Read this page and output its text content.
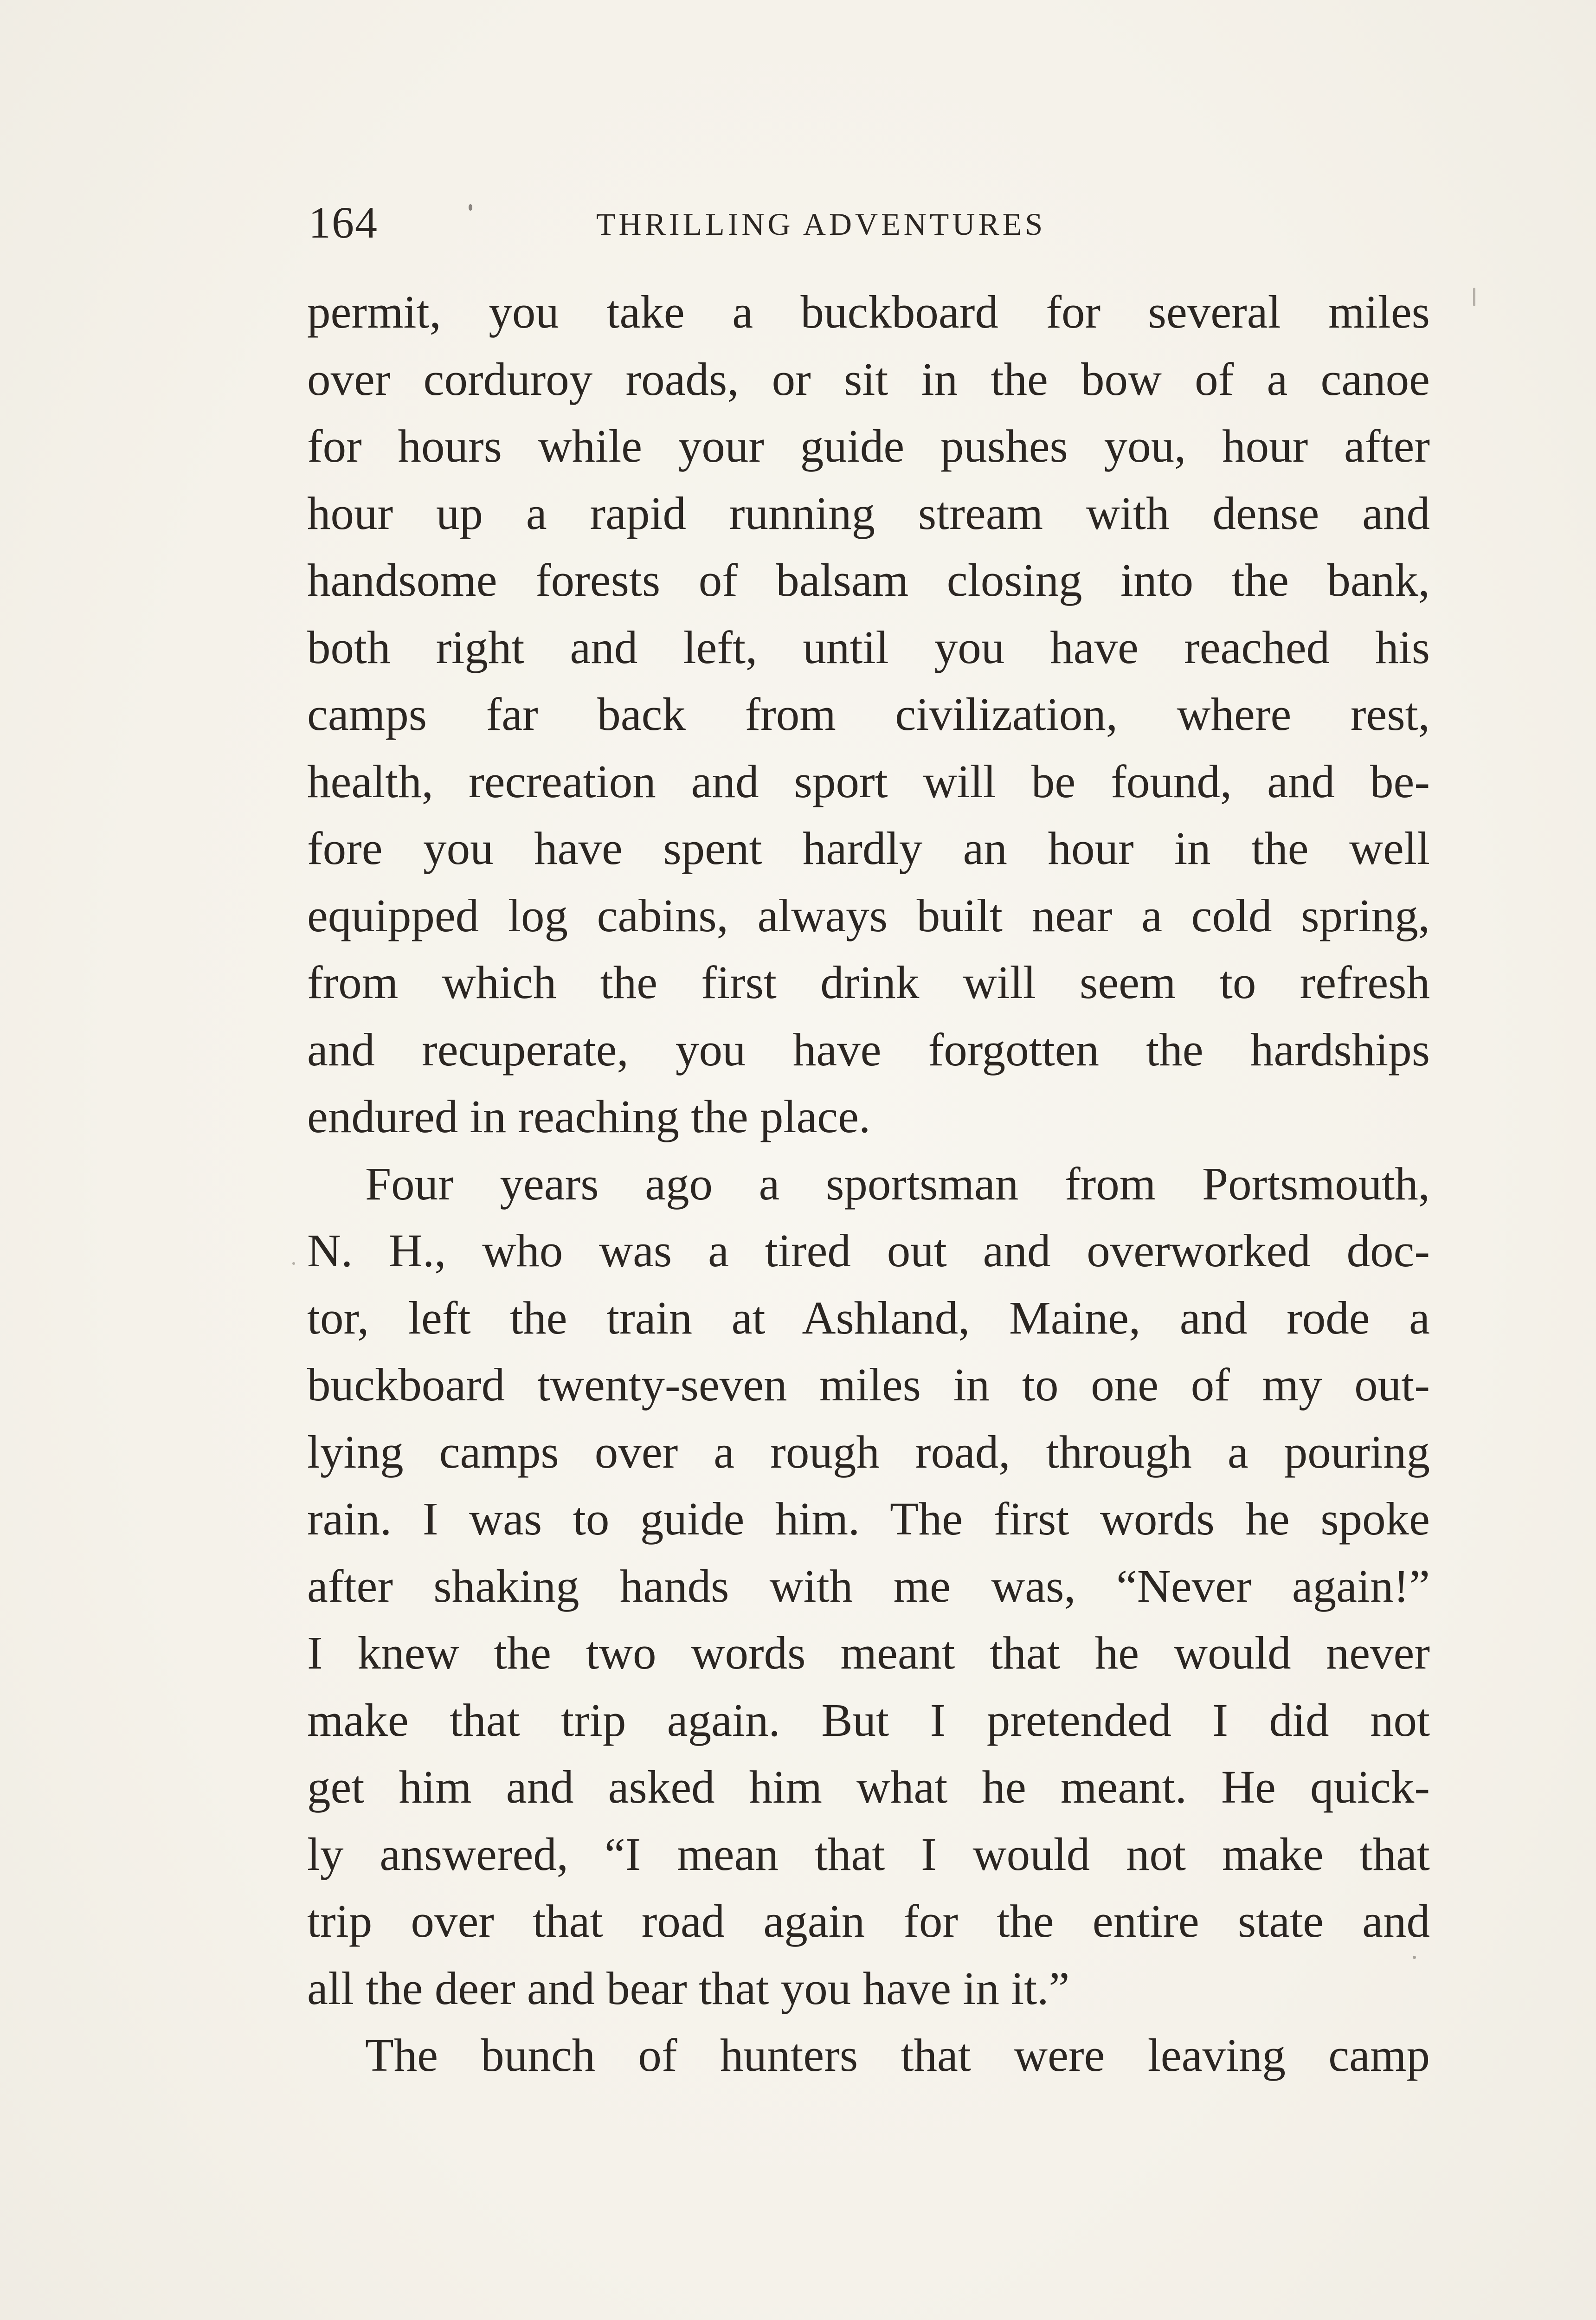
164	THRILLING ADVENTURES
permit, you take a buckboard for several miles
over corduroy roads, or sit in the bow of a canoe
for hours while your guide pushes you, hour after
hour up a rapid running stream with dense and
handsome forests of balsam closing into the bank,
both right and left, until you have reached his
camps far back from civilization, where rest,
health, recreation and sport will be found, and be-
fore you have spent hardly an hour in the well
equipped log cabins, always built near a cold spring,
from which the first drink will seem to refresh
and recuperate, you have forgotten the hardships
endured in reaching the place.
Four years ago a sportsman from Portsmouth,
N. H., who was a tired out and overworked doc-
tor, left the train at Ashland, Maine, and rode a
buckboard twenty-seven miles in to one of my out-
lying camps over a rough road, through a pouring
rain. I was to guide him. The first words he spoke
after shaking hands with me was, “Never again!”
I knew the two words meant that he would never
make that trip again. But I pretended I did not
get him and asked him what he meant. He quick-
ly answered, “I mean that I would not make that
trip over that road again for the entire state and
all the deer and bear that you have in it.”
The bunch of hunters that were leaving camp
